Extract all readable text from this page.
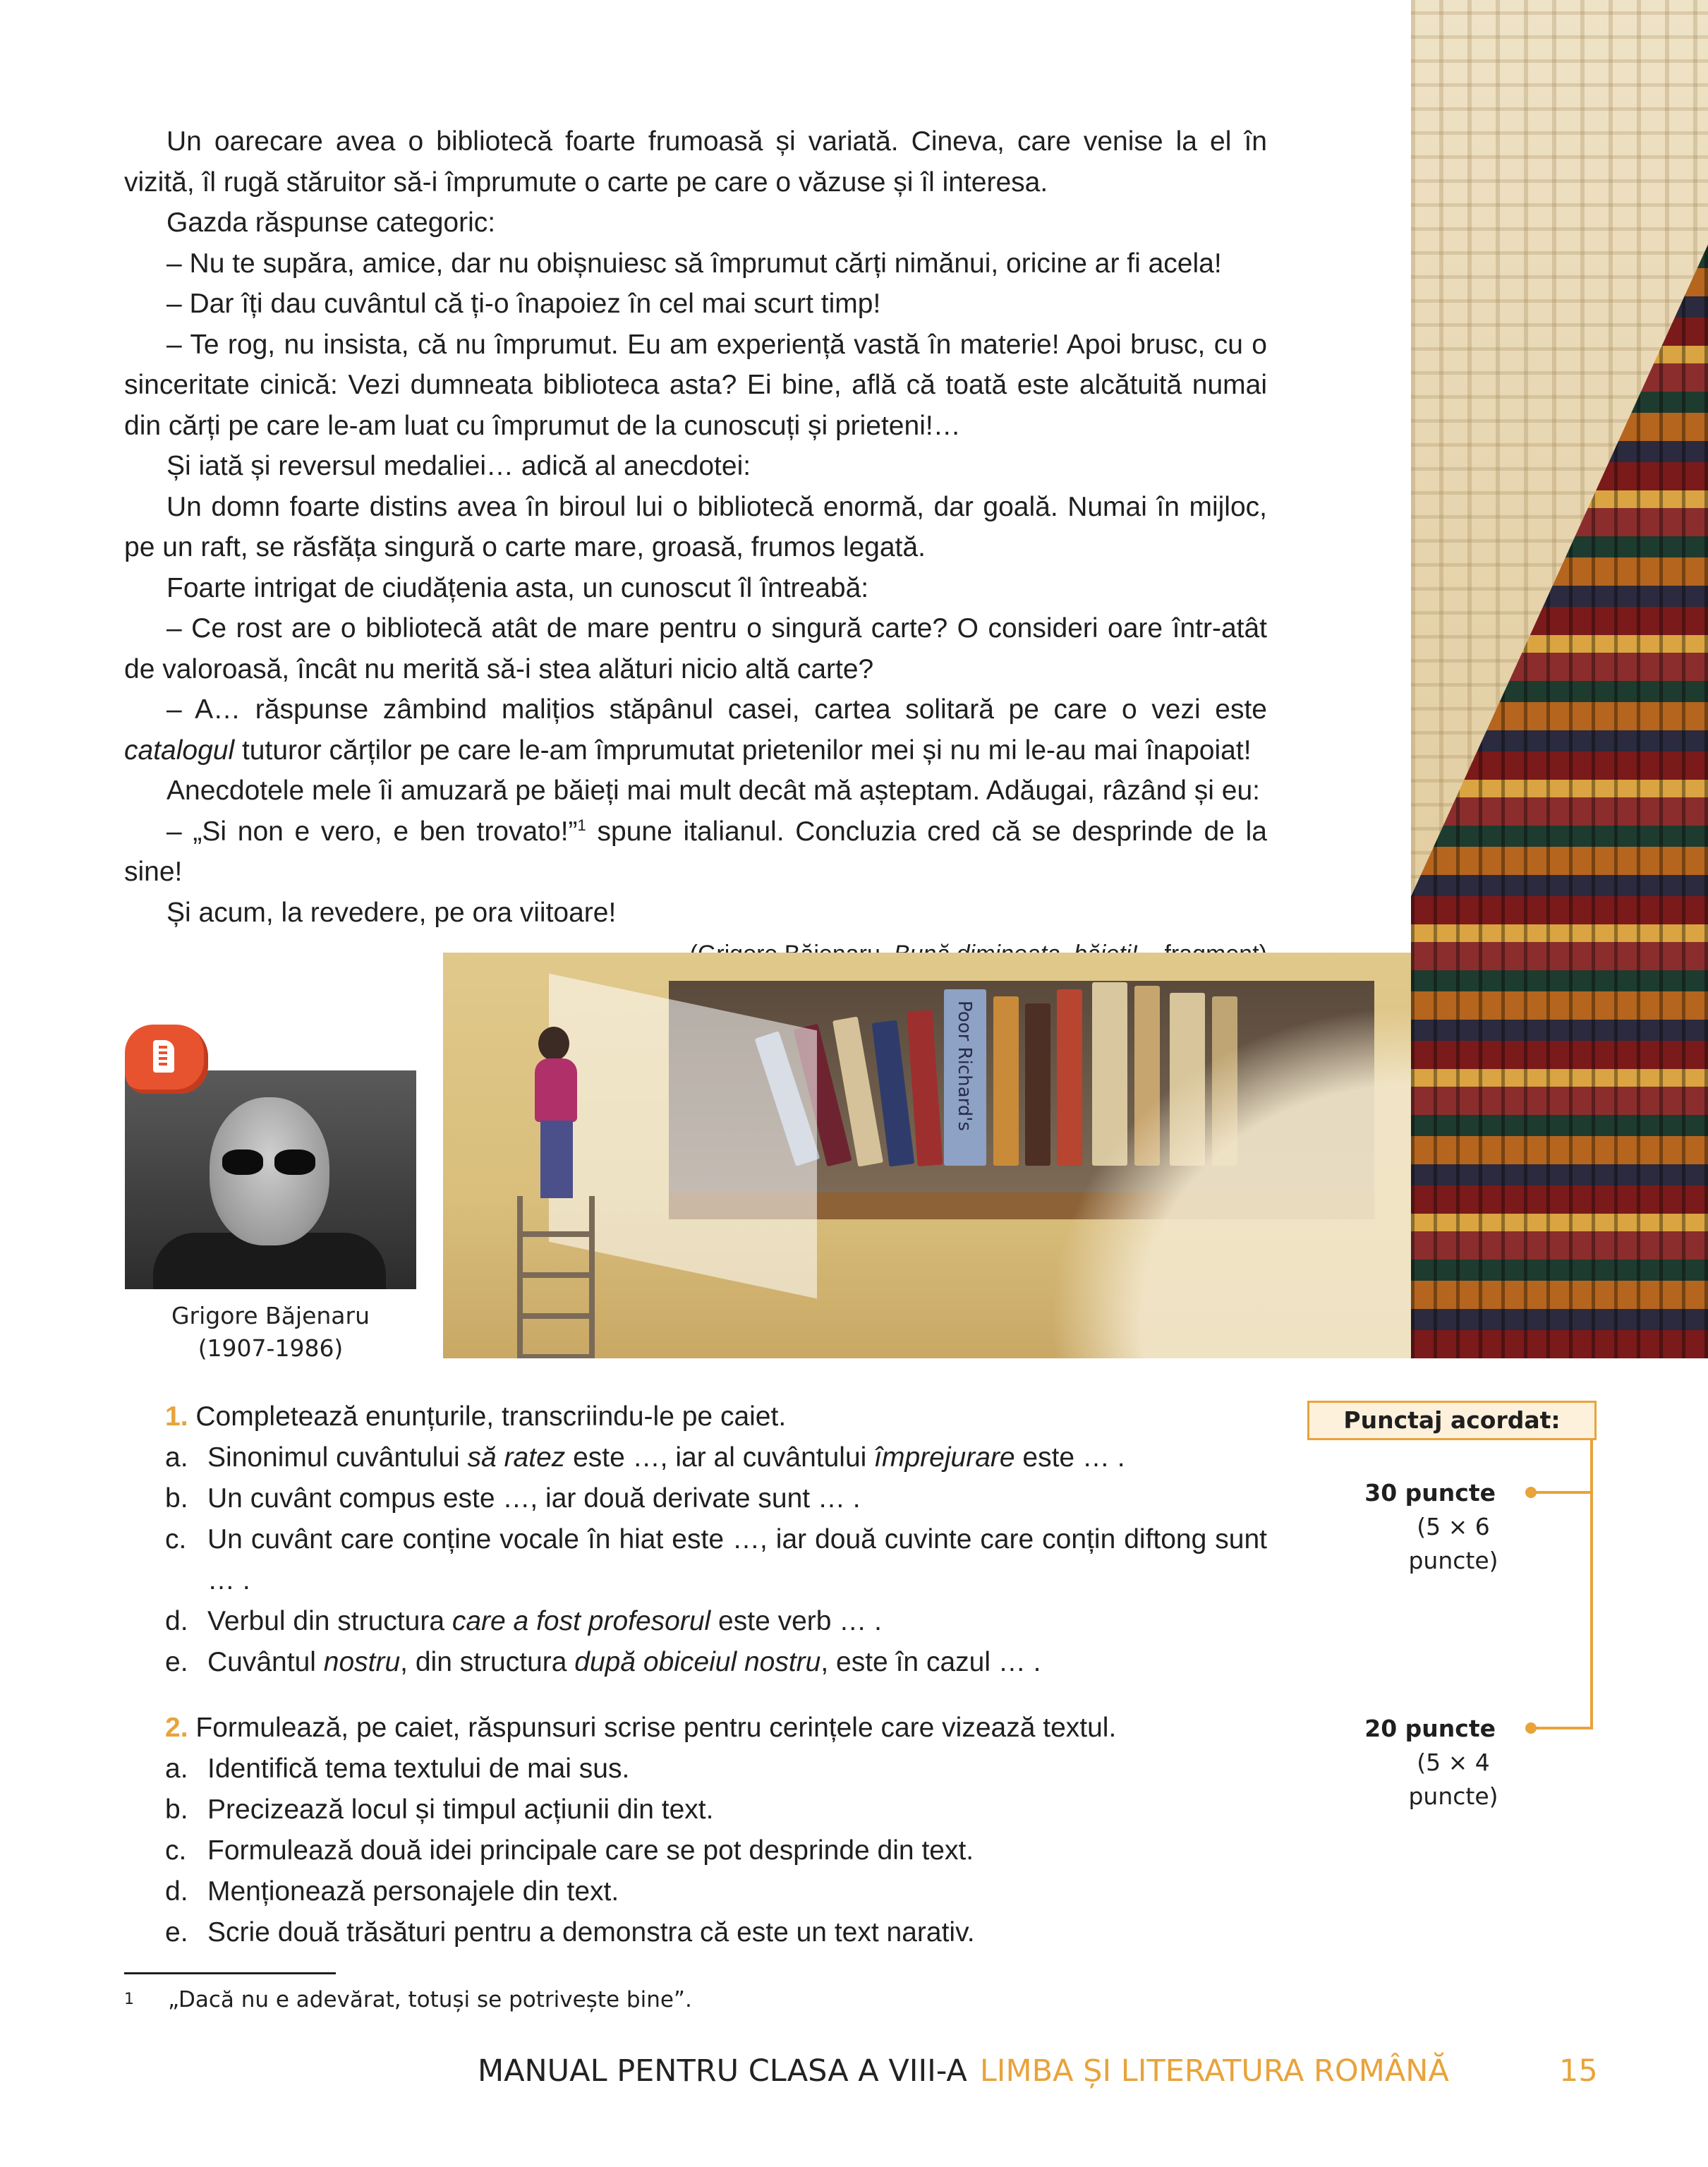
Un oarecare avea o bibliotecă foarte frumoasă și variată. Cineva, care venise la el în vizită, îl rugă stăruitor să-i împrumute o carte pe care o văzuse și îl interesa.

Gazda răspunse categoric:

– Nu te supăra, amice, dar nu obișnuiesc să împrumut cărți nimănui, oricine ar fi acela!

– Dar îți dau cuvântul că ți-o înapoiez în cel mai scurt timp!

– Te rog, nu insista, că nu împrumut. Eu am experiență vastă în materie! Apoi brusc, cu o sinceritate cinică: Vezi dumneata biblioteca asta? Ei bine, află că toată este alcătuită numai din cărți pe care le-am luat cu împrumut de la cunoscuți și prieteni!…

Și iată și reversul medaliei… adică al anecdotei:

Un domn foarte distins avea în biroul lui o bibliotecă enormă, dar goală. Numai în mijloc, pe un raft, se răsfăța singură o carte mare, groasă, frumos legată.

Foarte intrigat de ciudățenia asta, un cunoscut îl întreabă:

– Ce rost are o bibliotecă atât de mare pentru o singură carte? O consideri oare într-atât de valoroasă, încât nu merită să-i stea alături nicio altă carte?

– A… răspunse zâmbind malițios stăpânul casei, cartea solitară pe care o vezi este catalogul tuturor cărților pe care le-am împrumutat prietenilor mei și nu mi le-au mai înapoiat!

Anecdotele mele îi amuzară pe băieți mai mult decât mă așteptam. Adăugai, râzând și eu:

– „Si non e vero, e ben trovato!”$^1$ spune italianul. Concluzia cred că se desprinde de la sine!

Și acum, la revedere, pe ora viitoare!

Poor Richard's
Grigore Băjenaru
(1907-1986)
1. Completează enunțurile, transcriindu-le pe caiet.
a. Sinonimul cuvântului să ratez este …, iar al cuvântului împrejurare este … .
b. Un cuvânt compus este …, iar două derivate sunt … .
c. Un cuvânt care conține vocale în hiat este …, iar două cuvinte care conțin diftong sunt … .
d. Verbul din structura care a fost profesorul este verb … .
e. Cuvântul nostru, din structura după obiceiul nostru, este în cazul … .
2. Formulează, pe caiet, răspunsuri scrise pentru cerințele care vizează textul.
a. Identifică tema textului de mai sus.
b. Precizează locul și timpul acțiunii din text.
c. Formulează două idei principale care se pot desprinde din text.
d. Menționează personajele din text.
e. Scrie două trăsături pentru a demonstra că este un text narativ.
Punctaj acordat:
30 puncte
(5 × 6 puncte)
20 puncte
(5 × 4 puncte)
1 „Dacă nu e adevărat, totuși se potrivește bine”.
MANUAL PENTRU CLASA A VIII-A LIMBA ȘI LITERATURA ROMÂNĂ	15
